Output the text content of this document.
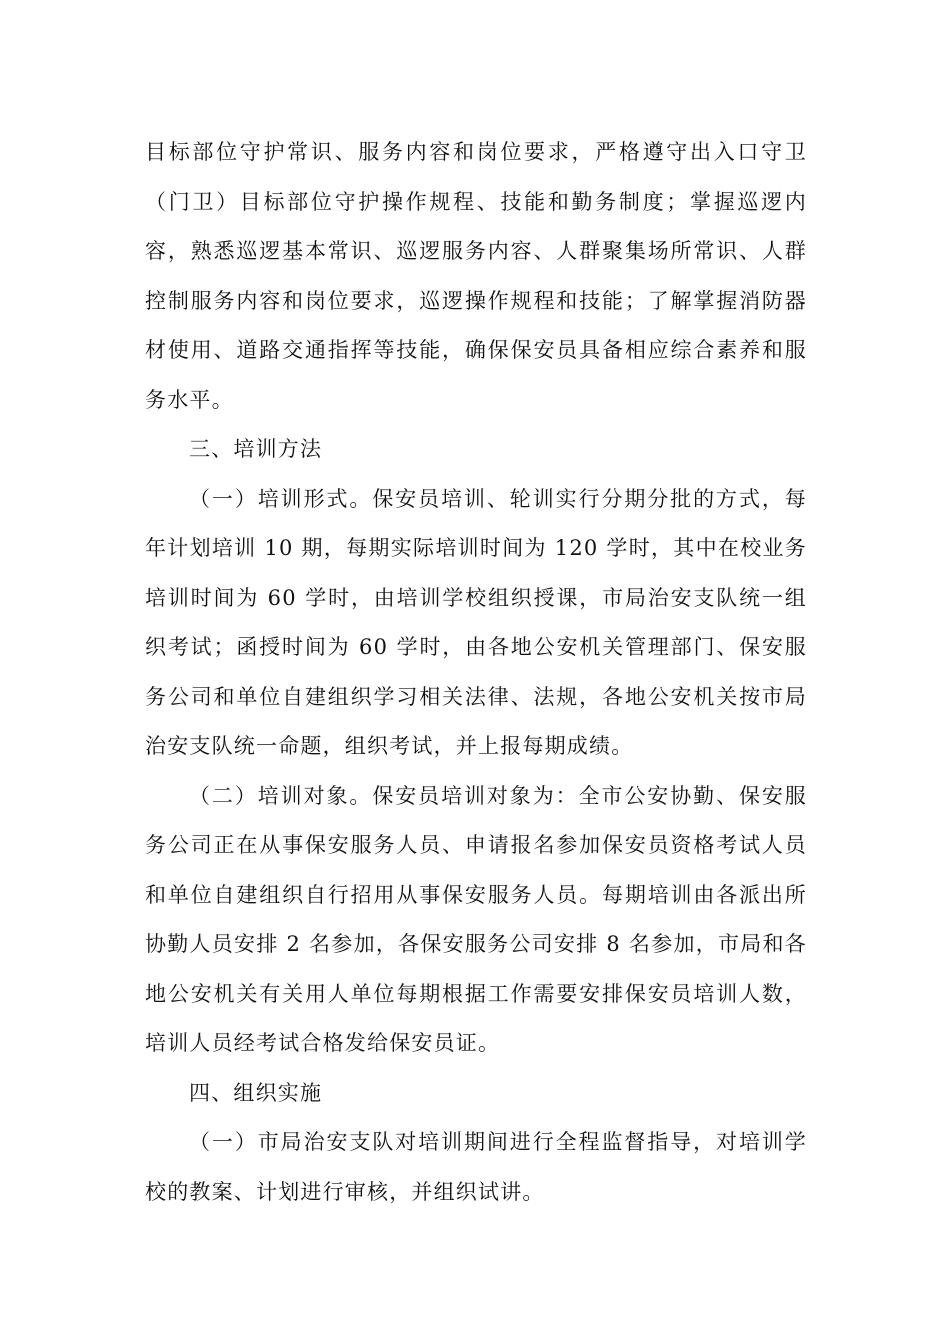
目标部位守护常识、服务内容和岗位要求，严格遵守出入口守卫（门卫）目标部位守护操作规程、技能和勤务制度；掌握巡逻内容，熟悉巡逻基本常识、巡逻服务内容、人群聚集场所常识、人群控制服务内容和岗位要求，巡逻操作规程和技能；了解掌握消防器材使用、道路交通指挥等技能，确保保安员具备相应综合素养和服务水平。

三、培训方法

（一）培训形式。保安员培训、轮训实行分期分批的方式，每年计划培训 10 期，每期实际培训时间为 120 学时，其中在校业务培训时间为 60 学时，由培训学校组织授课，市局治安支队统一组织考试；函授时间为 60 学时，由各地公安机关管理部门、保安服务公司和单位自建组织学习相关法律、法规，各地公安机关按市局治安支队统一命题，组织考试，并上报每期成绩。

（二）培训对象。保安员培训对象为：全市公安协勤、保安服务公司正在从事保安服务人员、申请报名参加保安员资格考试人员和单位自建组织自行招用从事保安服务人员。每期培训由各派出所协勤人员安排 2 名参加，各保安服务公司安排 8 名参加，市局和各地公安机关有关用人单位每期根据工作需要安排保安员培训人数，培训人员经考试合格发给保安员证。

四、组织实施

（一）市局治安支队对培训期间进行全程监督指导，对培训学校的教案、计划进行审核，并组织试讲。
